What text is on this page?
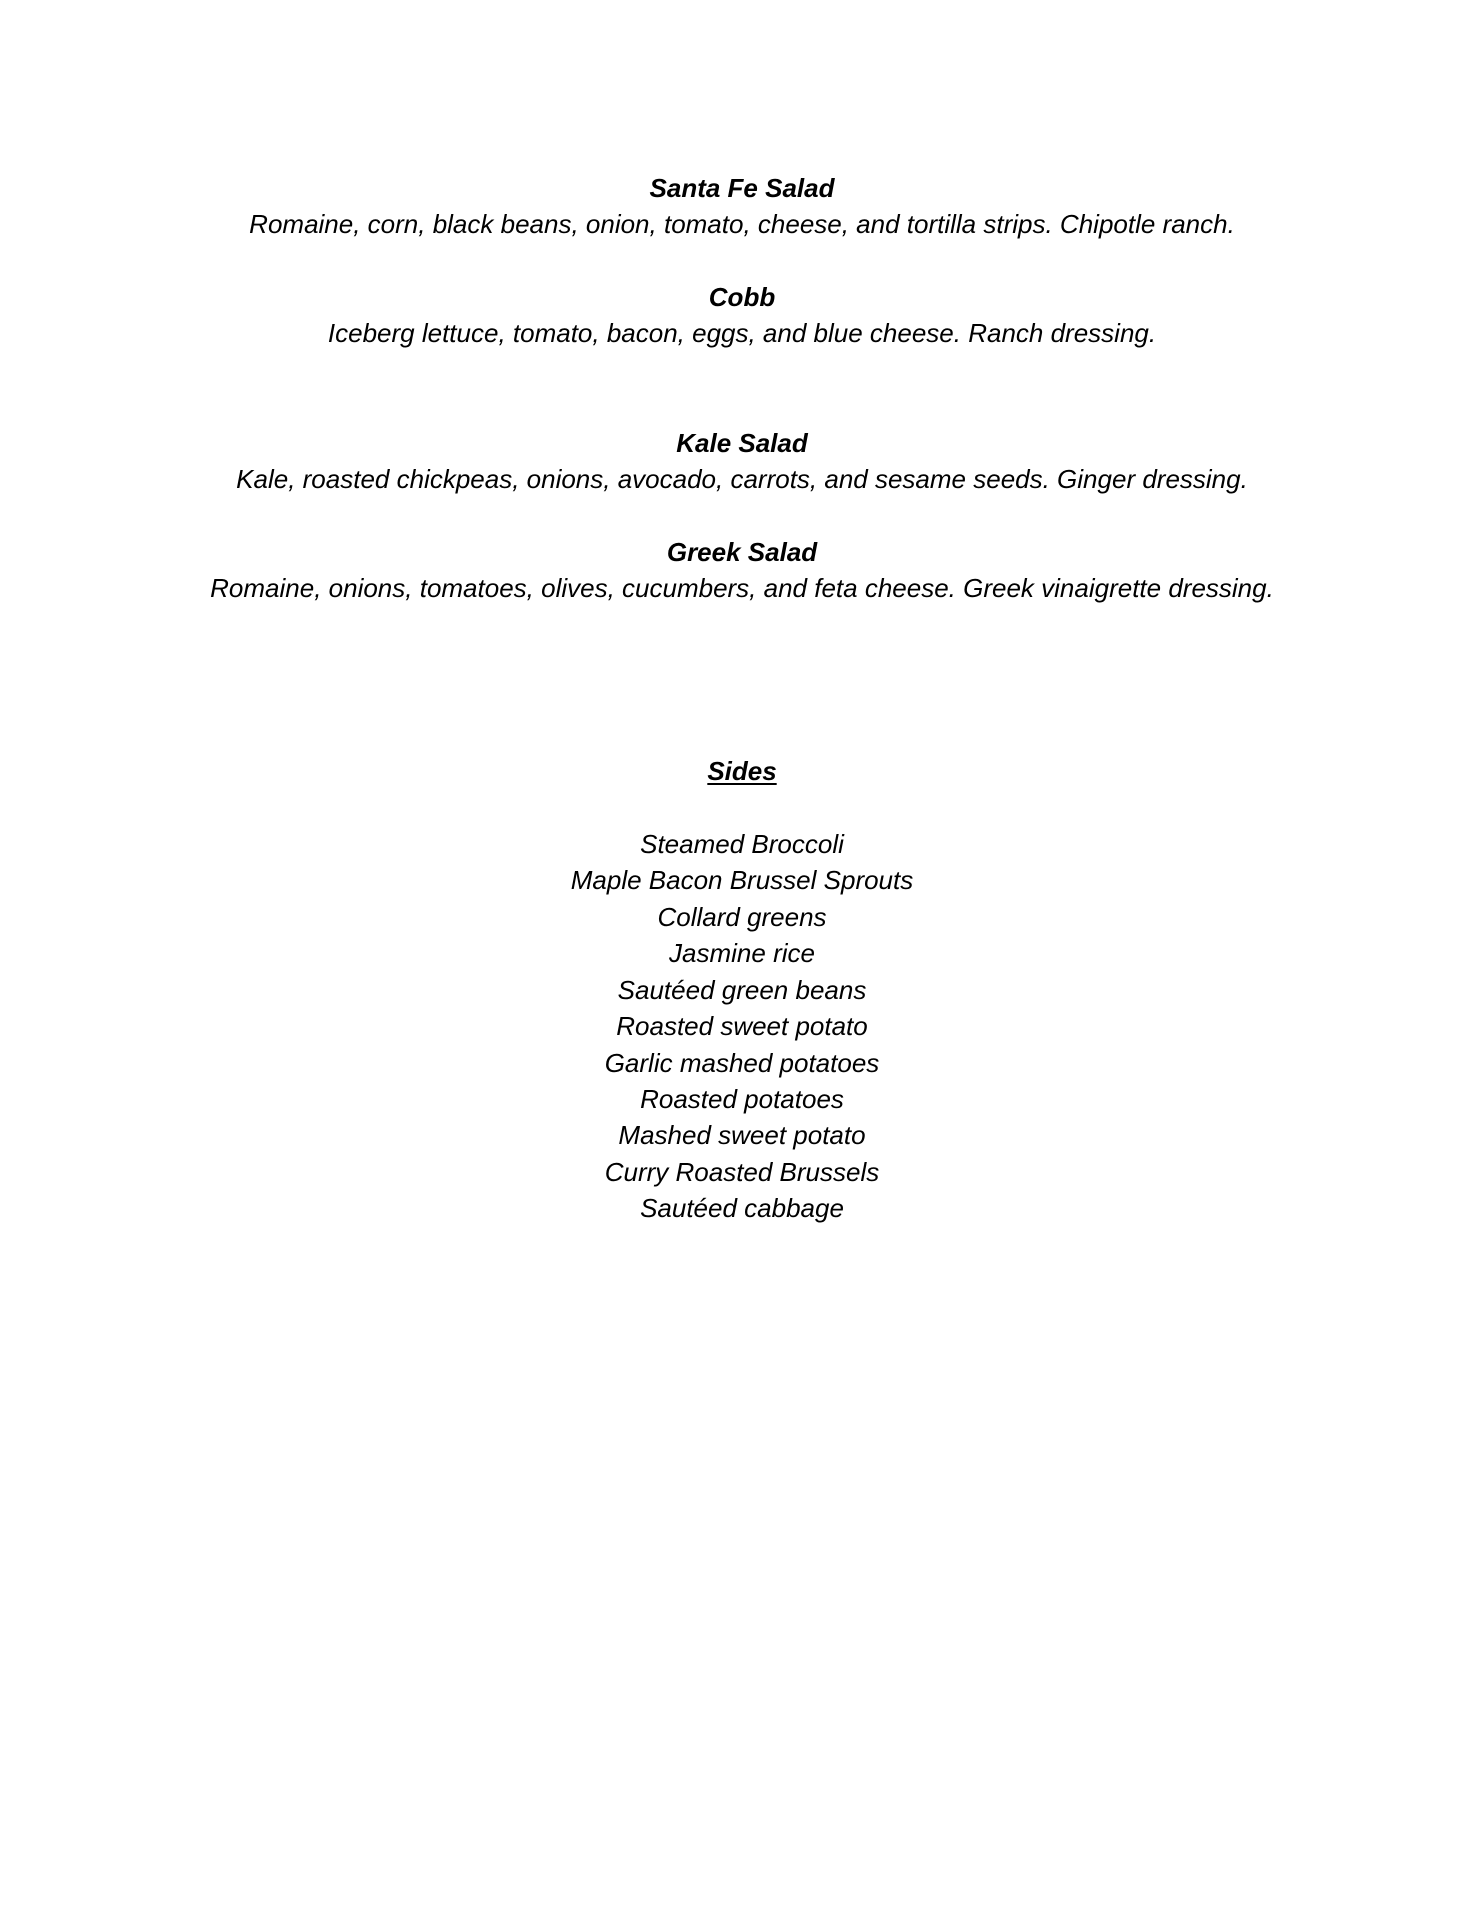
Santa Fe Salad
Romaine, corn, black beans, onion, tomato, cheese, and tortilla strips. Chipotle ranch.
Cobb
Iceberg lettuce, tomato, bacon, eggs, and blue cheese. Ranch dressing.
Kale Salad
Kale, roasted chickpeas, onions, avocado, carrots, and sesame seeds. Ginger dressing.
Greek Salad
Romaine, onions, tomatoes, olives, cucumbers, and feta cheese. Greek vinaigrette dressing.
Sides
Steamed Broccoli
Maple Bacon Brussel Sprouts
Collard greens
Jasmine rice
Sautéed green beans
Roasted sweet potato
Garlic mashed potatoes
Roasted potatoes
Mashed sweet potato
Curry Roasted Brussels
Sautéed cabbage
